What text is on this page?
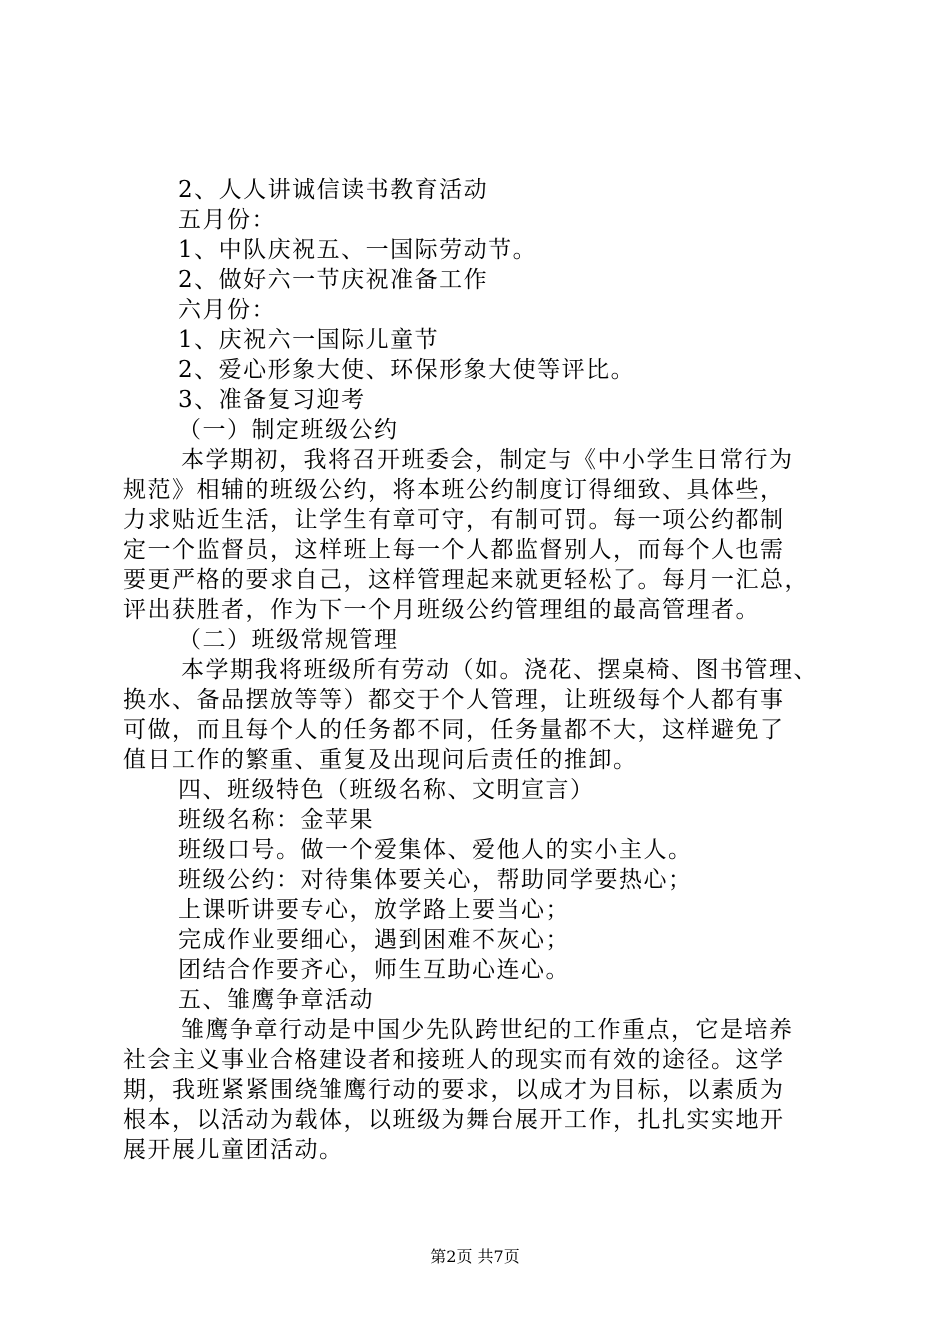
2、人人讲诚信读书教育活动
五月份：
1、中队庆祝五、一国际劳动节。
2、做好六一节庆祝准备工作
六月份：
1、庆祝六一国际儿童节
2、爱心形象大使、环保形象大使等评比。
3、准备复习迎考
（一）制定班级公约
本学期初，我将召开班委会，制定与《中小学生日常行为
规范》相辅的班级公约，将本班公约制度订得细致、具体些，
力求贴近生活，让学生有章可守，有制可罚。每一项公约都制
定一个监督员，这样班上每一个人都监督别人，而每个人也需
要更严格的要求自己，这样管理起来就更轻松了。每月一汇总，
评出获胜者，作为下一个月班级公约管理组的最高管理者。
（二）班级常规管理
本学期我将班级所有劳动（如。浇花、摆桌椅、图书管理、
换水、备品摆放等等）都交于个人管理，让班级每个人都有事
可做，而且每个人的任务都不同，任务量都不大，这样避免了
值日工作的繁重、重复及出现问后责任的推卸。
四、班级特色（班级名称、文明宣言）
班级名称：金苹果
班级口号。做一个爱集体、爱他人的实小主人。
班级公约：对待集体要关心，帮助同学要热心；
上课听讲要专心，放学路上要当心；
完成作业要细心，遇到困难不灰心；
团结合作要齐心，师生互助心连心。
五、雏鹰争章活动
雏鹰争章行动是中国少先队跨世纪的工作重点，它是培养
社会主义事业合格建设者和接班人的现实而有效的途径。这学
期，我班紧紧围绕雏鹰行动的要求，以成才为目标，以素质为
根本，以活动为载体，以班级为舞台展开工作，扎扎实实地开
展开展儿童团活动。
第2页 共7页
